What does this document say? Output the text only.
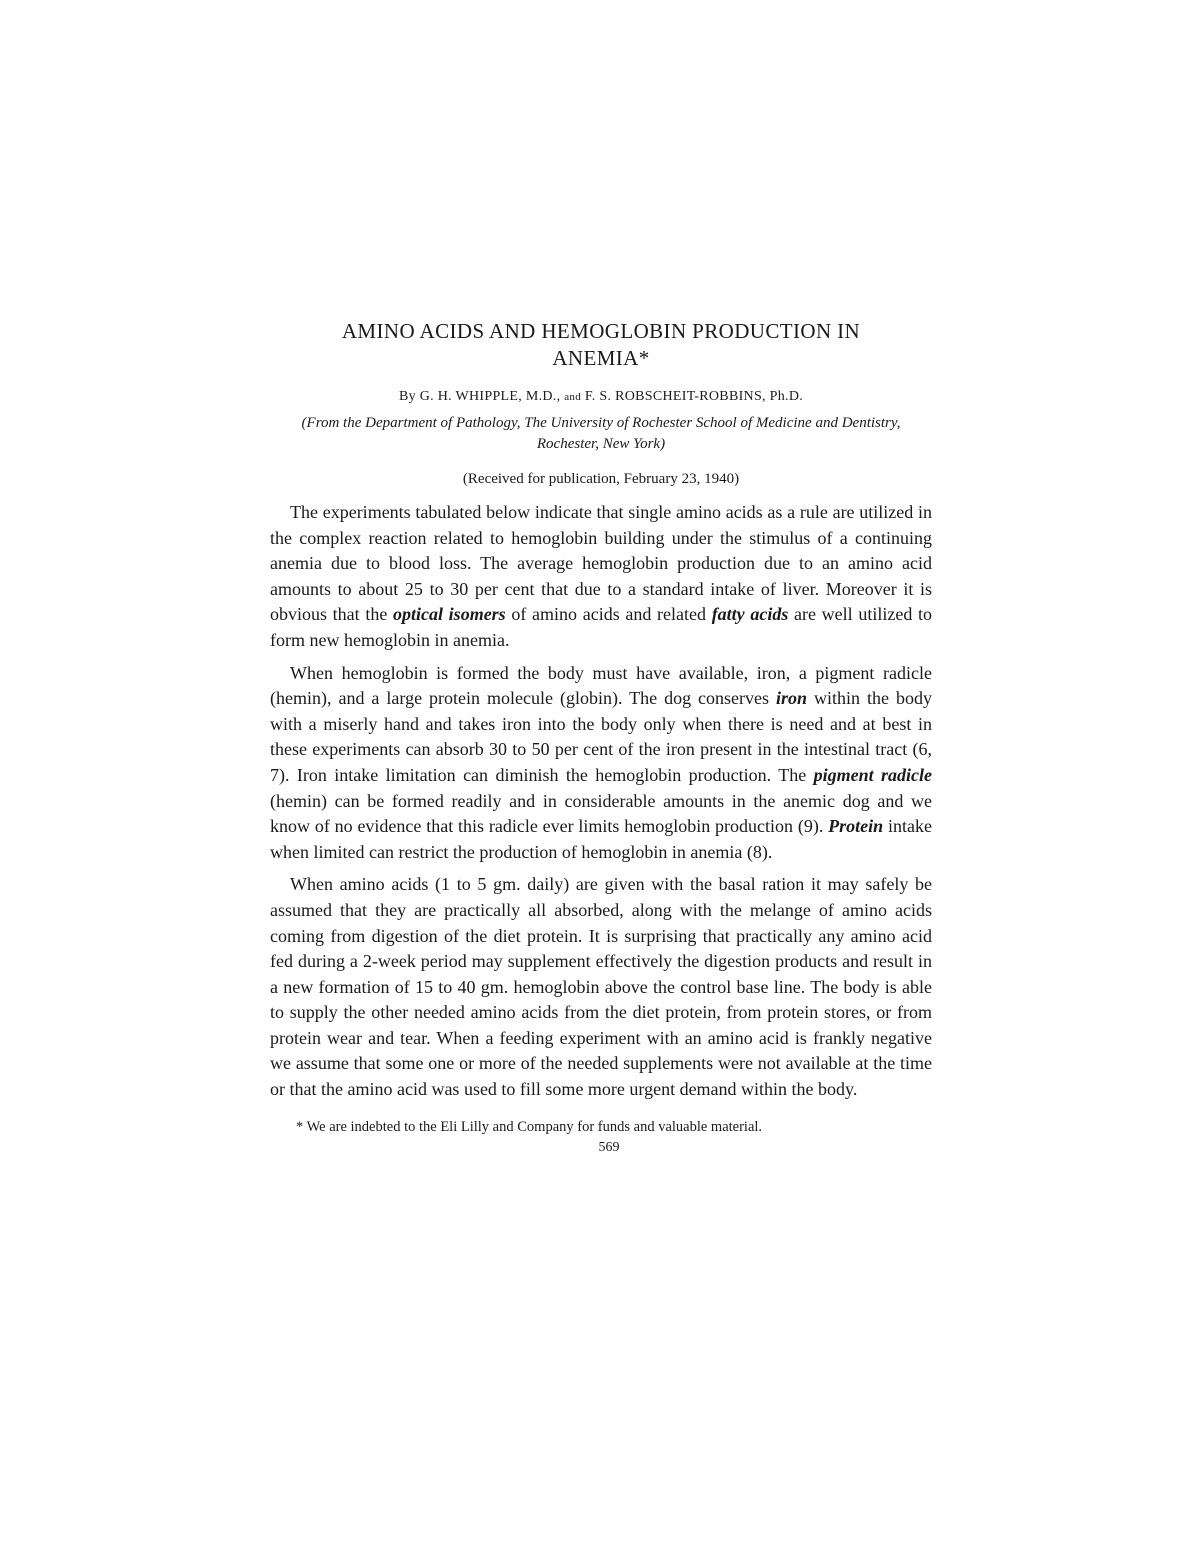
AMINO ACIDS AND HEMOGLOBIN PRODUCTION IN
ANEMIA*
By G. H. WHIPPLE, M.D., and F. S. ROBSCHEIT-ROBBINS, Ph.D.
(From the Department of Pathology, The University of Rochester School of Medicine and Dentistry, Rochester, New York)
(Received for publication, February 23, 1940)

The experiments tabulated below indicate that single amino acids as a rule are utilized in the complex reaction related to hemoglobin building under the stimulus of a continuing anemia due to blood loss. The average hemoglobin production due to an amino acid amounts to about 25 to 30 per cent that due to a standard intake of liver. Moreover it is obvious that the optical isomers of amino acids and related fatty acids are well utilized to form new hemoglobin in anemia.

When hemoglobin is formed the body must have available, iron, a pigment radicle (hemin), and a large protein molecule (globin). The dog conserves iron within the body with a miserly hand and takes iron into the body only when there is need and at best in these experiments can absorb 30 to 50 per cent of the iron present in the intestinal tract (6, 7). Iron intake limitation can diminish the hemoglobin production. The pigment radicle (hemin) can be formed readily and in considerable amounts in the anemic dog and we know of no evidence that this radicle ever limits hemoglobin production (9). Protein intake when limited can restrict the production of hemoglobin in anemia (8).

When amino acids (1 to 5 gm. daily) are given with the basal ration it may safely be assumed that they are practically all absorbed, along with the melange of amino acids coming from digestion of the diet protein. It is surprising that practically any amino acid fed during a 2-week period may supplement effectively the digestion products and result in a new formation of 15 to 40 gm. hemoglobin above the control base line. The body is able to supply the other needed amino acids from the diet protein, from protein stores, or from protein wear and tear. When a feeding experiment with an amino acid is frankly negative we assume that some one or more of the needed supplements were not available at the time or that the amino acid was used to fill some more urgent demand within the body.

* We are indebted to the Eli Lilly and Company for funds and valuable material.
569
